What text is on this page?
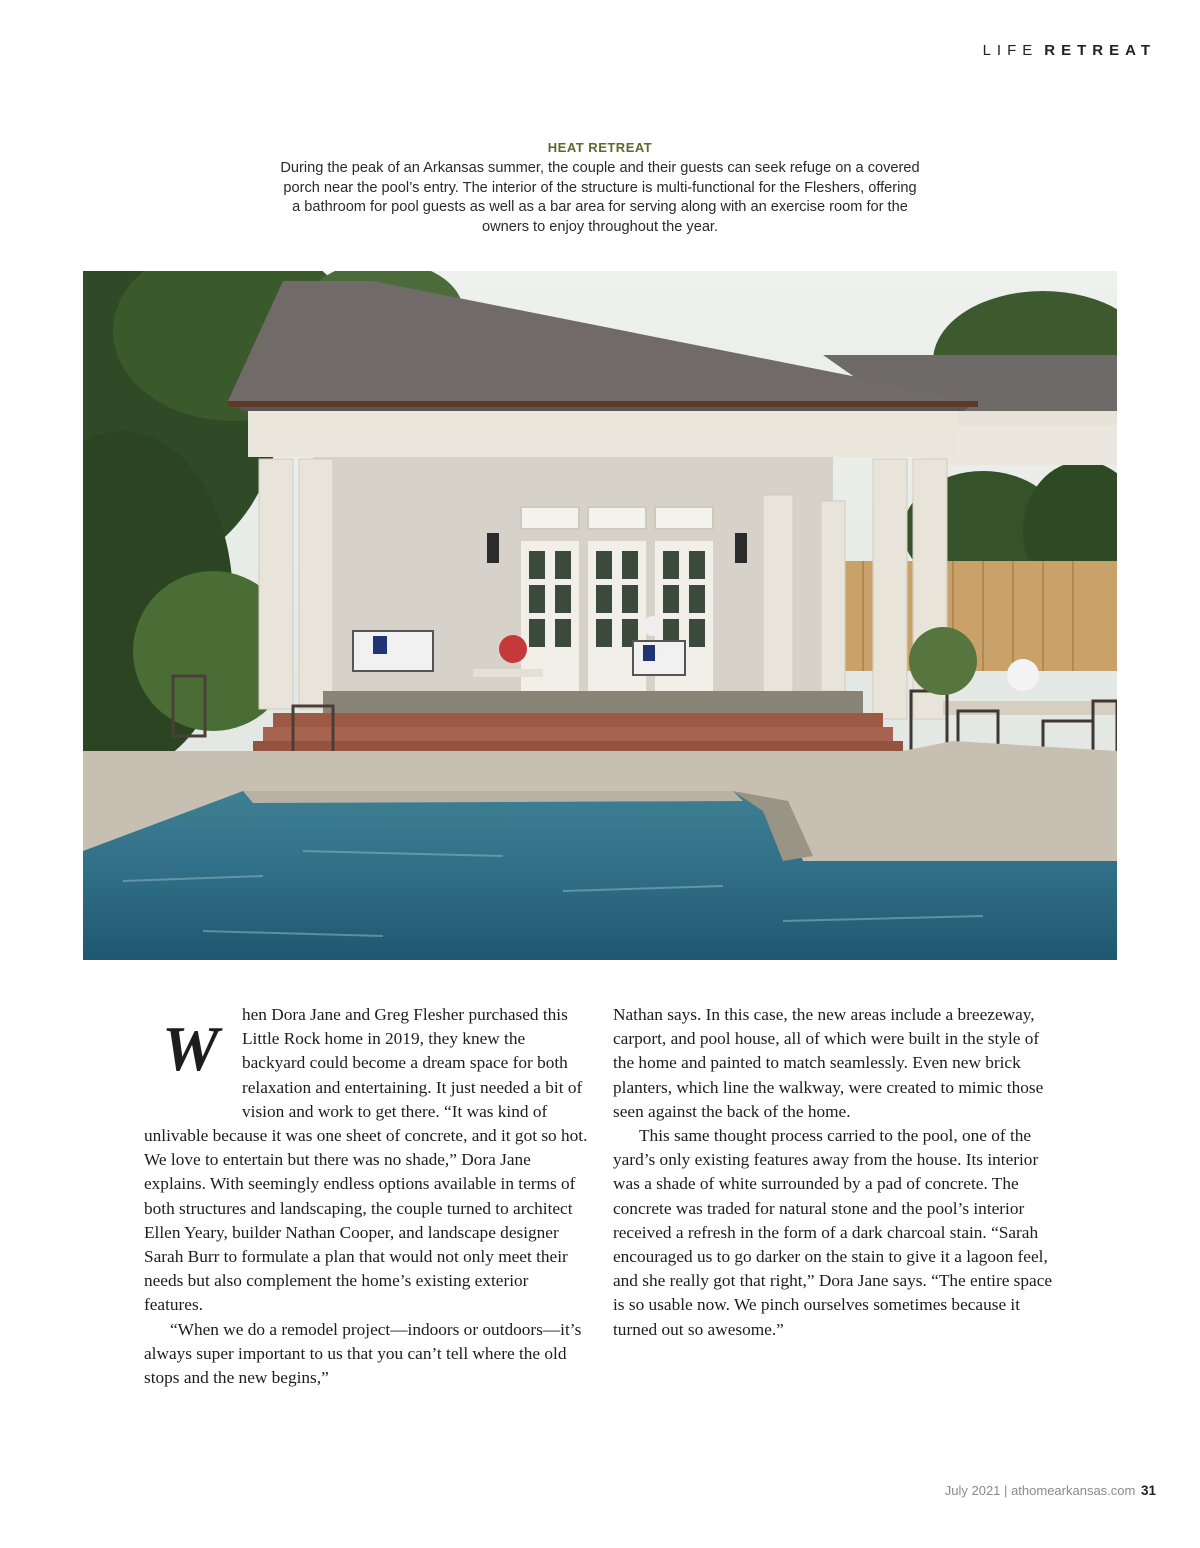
LIFE RETREAT
HEAT RETREAT
During the peak of an Arkansas summer, the couple and their guests can seek refuge on a covered porch near the pool’s entry. The interior of the structure is multi-functional for the Fleshers, offering a bathroom for pool guests as well as a bar area for serving along with an exercise room for the owners to enjoy throughout the year.
W	hen Dora Jane and Greg Flesher purchased this Little Rock home in 2019, they knew the backyard could become a dream space for both relaxation and entertaining. It just needed a bit of vision and work to get there. “It was kind of unlivable because it was one sheet of concrete, and it got so hot. We love to entertain but there was no shade,” Dora Jane explains. With seemingly endless options available in terms of both structures and landscaping, the couple turned to architect Ellen Yeary, builder Nathan Cooper, and landscape designer Sarah Burr to formulate a plan that would not only meet their needs but also complement the home’s existing exterior features.

“When we do a remodel project—indoors or outdoors—it’s always super important to us that you can’t tell where the old stops and the new begins,”

Nathan says. In this case, the new areas include a breezeway, carport, and pool house, all of which were built in the style of the home and painted to match seamlessly. Even new brick planters, which line the walkway, were created to mimic those seen against the back of the home.

This same thought process carried to the pool, one of the yard’s only existing features away from the house. Its interior was a shade of white surrounded by a pad of concrete. The concrete was traded for natural stone and the pool’s interior received a refresh in the form of a dark charcoal stain. “Sarah encouraged us to go darker on the stain to give it a lagoon feel, and she really got that right,” Dora Jane says. “The entire space is so usable now. We pinch ourselves sometimes because it turned out so awesome.”

July 2021 | athomearkansas.com 31
